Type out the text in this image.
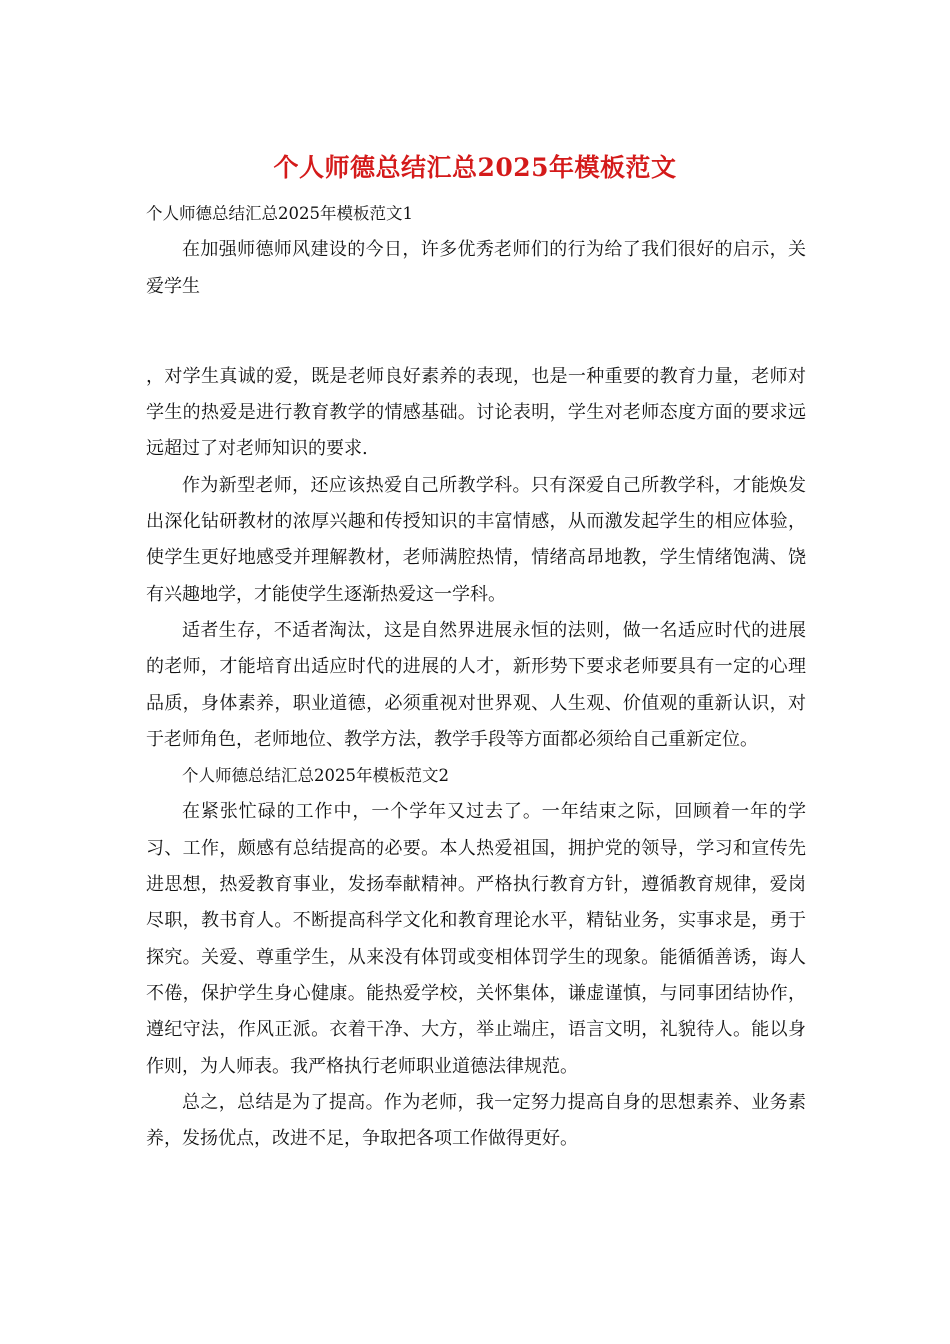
个人师德总结汇总2025年模板范文

个人师德总结汇总2025年模板范文1

在加强师德师风建设的今日，许多优秀老师们的行为给了我们很好的启示，关爱学生

，对学生真诚的爱，既是老师良好素养的表现，也是一种重要的教育力量，老师对学生的热爱是进行教育教学的情感基础。讨论表明，学生对老师态度方面的要求远远超过了对老师知识的要求.

作为新型老师，还应该热爱自己所教学科。只有深爱自己所教学科，才能焕发出深化钻研教材的浓厚兴趣和传授知识的丰富情感，从而激发起学生的相应体验，使学生更好地感受并理解教材，老师满腔热情，情绪高昂地教，学生情绪饱满、饶有兴趣地学，才能使学生逐渐热爱这一学科。

适者生存，不适者淘汰，这是自然界进展永恒的法则，做一名适应时代的进展的老师，才能培育出适应时代的进展的人才，新形势下要求老师要具有一定的心理品质，身体素养，职业道德，必须重视对世界观、人生观、价值观的重新认识，对于老师角色，老师地位、教学方法，教学手段等方面都必须给自己重新定位。

个人师德总结汇总2025年模板范文2

在紧张忙碌的工作中，一个学年又过去了。一年结束之际，回顾着一年的学习、工作，颇感有总结提高的必要。本人热爱祖国，拥护党的领导，学习和宣传先进思想，热爱教育事业，发扬奉献精神。严格执行教育方针，遵循教育规律，爱岗尽职，教书育人。不断提高科学文化和教育理论水平，精钻业务，实事求是，勇于探究。关爱、尊重学生，从来没有体罚或变相体罚学生的现象。能循循善诱，诲人不倦，保护学生身心健康。能热爱学校，关怀集体，谦虚谨慎，与同事团结协作，遵纪守法，作风正派。衣着干净、大方，举止端庄，语言文明，礼貌待人。能以身作则，为人师表。我严格执行老师职业道德法律规范。

总之，总结是为了提高。作为老师，我一定努力提高自身的思想素养、业务素养，发扬优点，改进不足，争取把各项工作做得更好。
